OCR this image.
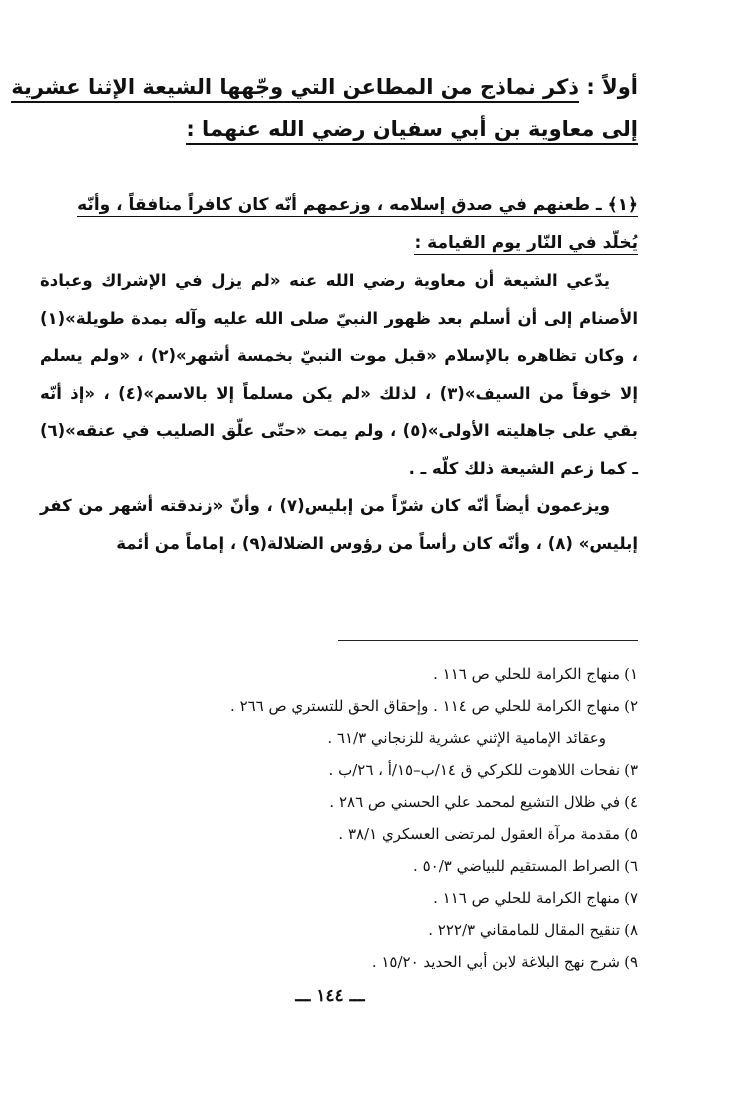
أولاً : ذكر نماذج من المطاعن التي وجّهها الشيعة الإثنا عشرية
إلى معاوية بن أبي سفيان رضي الله عنهما :
﴿١﴾ ـ طعنهم في صدق إسلامه ، وزعمهم أنّه كان كافراً منافقاً ، وأنّه
يُخلّد في النّار يوم القيامة :

يدّعي الشيعة أن معاوية رضي الله عنه «لم يزل في الإشراك وعبادة الأصنام إلى أن أسلم بعد ظهور النبيّ صلى الله عليه وآله بمدة طويلة»(١) ، وكان تظاهره بالإسلام «قبل موت النبيّ بخمسة أشهر»(٢) ، «ولم يسلم إلا خوفاً من السيف»(٣) ، لذلك «لم يكن مسلماً إلا بالاسم»(٤) ، «إذ أنّه بقي على جاهليته الأولى»(٥) ، ولم يمت «حتّى علّق الصليب في عنقه»(٦) ـ كما زعم الشيعة ذلك كلّه ـ .

ويزعمون أيضاً أنّه كان شرّاً من إبليس(٧) ، وأنّ «زندقته أشهر من كفر إبليس» (٨) ، وأنّه كان رأساً من رؤوس الضلالة(٩) ، إماماً من أئمة

١)
منهاج الكرامة للحلي ص ١١٦ .
٢)
منهاج الكرامة للحلي ص ١١٤ . وإحقاق الحق للتستري ص ٢٦٦ .
وعقائد الإمامية الإثني عشرية للزنجاني ٦١/٣ .
٣)
نفحات اللاهوت للكركي ق ١٤/ب–١٥/أ ، ٢٦/ب .
٤)
في ظلال التشيع لمحمد علي الحسني ص ٢٨٦ .
٥)
مقدمة مرآة العقول لمرتضى العسكري ٣٨/١ .
٦)
الصراط المستقيم للبياضي ٥٠/٣ .
٧)
منهاج الكرامة للحلي ص ١١٦ .
٨)
تنقيح المقال للمامقاني ٢٢٢/٣ .
٩)
شرح نهج البلاغة لابن أبي الحديد ١٥/٢٠ .
ـــ ١٤٤ ـــ
